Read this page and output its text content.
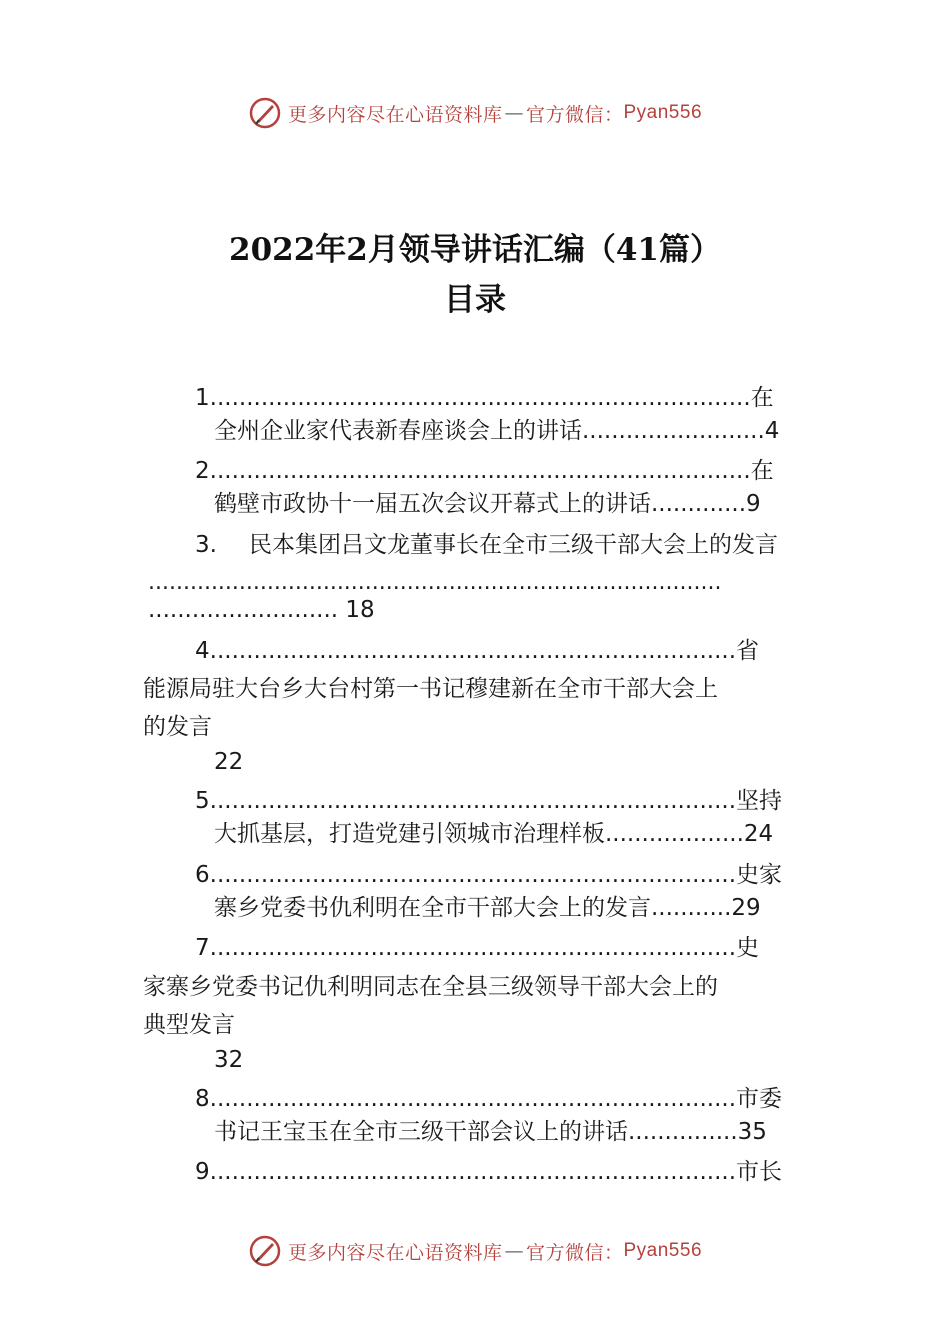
更多内容尽在心语资料库 — 官方微信： Pyan556
2022年2月领导讲话汇编（41篇）
目录
1..........................................................................在
全州企业家代表新春座谈会上的讲话.........................4
2..........................................................................在
鹤壁市政协十一届五次会议开幕式上的讲话.............9
3. 民本集团吕文龙董事长在全市三级干部大会上的发言
..................................................................................
.......................... 18
4........................................................................省
能源局驻大台乡大台村第一书记穆建新在全市干部大会上
的发言
22
5........................................................................坚持
大抓基层，打造党建引领城市治理样板...................24
6........................................................................史家
寨乡党委书仇利明在全市干部大会上的发言...........29
7........................................................................史
家寨乡党委书记仇利明同志在全县三级领导干部大会上的
典型发言
32
8........................................................................市委
书记王宝玉在全市三级干部会议上的讲话...............35
9........................................................................市长
更多内容尽在心语资料库 — 官方微信： Pyan556
